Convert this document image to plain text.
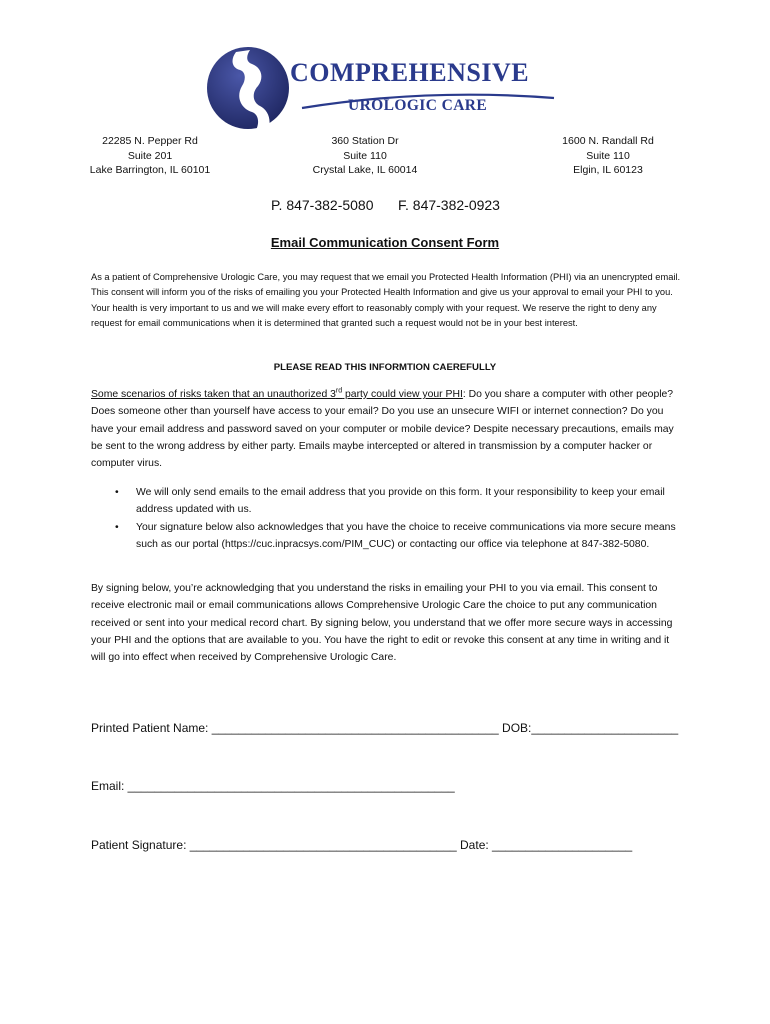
COMPREHENSIVE
UROLOGIC CARE
22285 N. Pepper Rd
Suite 201
Lake Barrington, IL 60101
360 Station Dr
Suite 110
Crystal Lake, IL 60014
1600 N. Randall Rd
Suite 110
Elgin, IL 60123
P. 847-382-5080 F. 847-382-0923
Email Communication Consent Form
As a patient of Comprehensive Urologic Care, you may request that we email you Protected Health Information (PHI) via an unencrypted email. This consent will inform you of the risks of emailing you your Protected Health Information and give us your approval to email your PHI to you. Your health is very important to us and we will make every effort to reasonably comply with your request. We reserve the right to deny any request for email communications when it is determined that granted such a request would not be in your best interest.
PLEASE READ THIS INFORMTION CAEREFULLY
Some scenarios of risks taken that an unauthorized 3rd party could view your PHI: Do you share a computer with other people? Does someone other than yourself have access to your email? Do you use an unsecure WIFI or internet connection? Do you have your email address and password saved on your computer or mobile device? Despite necessary precautions, emails may be sent to the wrong address by either party. Emails maybe intercepted or altered in transmission by a computer hacker or computer virus.
• We will only send emails to the email address that you provide on this form. It your responsibility to keep your email address updated with us.
• Your signature below also acknowledges that you have the choice to receive communications via more secure means such as our portal (https://cuc.inpracsys.com/PIM_CUC) or contacting our office via telephone at 847-382-5080.
By signing below, you’re acknowledging that you understand the risks in emailing your PHI to you via email. This consent to receive electronic mail or email communications allows Comprehensive Urologic Care the choice to put any communication received or sent into your medical record chart. By signing below, you understand that we offer more secure ways in accessing your PHI and the options that are available to you. You have the right to edit or revoke this consent at any time in writing and it will go into effect when received by Comprehensive Urologic Care.
Printed Patient Name: ___________________________________________ DOB:______________________
Email: _________________________________________________
Patient Signature: ________________________________________ Date: _____________________
